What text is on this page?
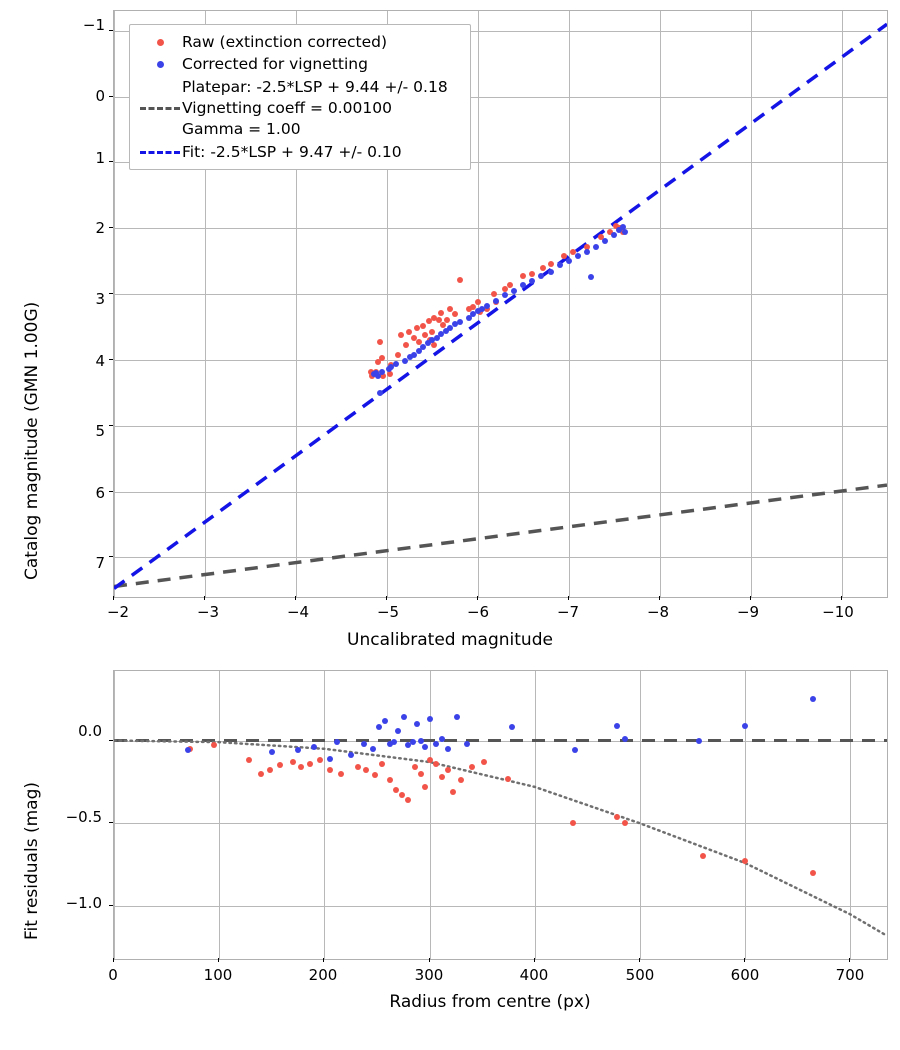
Catalog magnitude (GMN 1.00G)
Uncalibrated magnitude
−1
0
1
2
3
4
5
6
7
−2	−3	−4	−5	−6	−7	−8	−9	−10
Raw (extinction corrected)
Corrected for vignetting
Platepar: -2.5*LSP + 9.44 +/- 0.18
Vignetting coeff = 0.00100
Gamma = 1.00
Fit: -2.5*LSP + 9.47 +/- 0.10
Fit residuals (mag)
Radius from centre (px)
−1.0
−0.5
0.0
0	100	200	300	400	500	600	700
